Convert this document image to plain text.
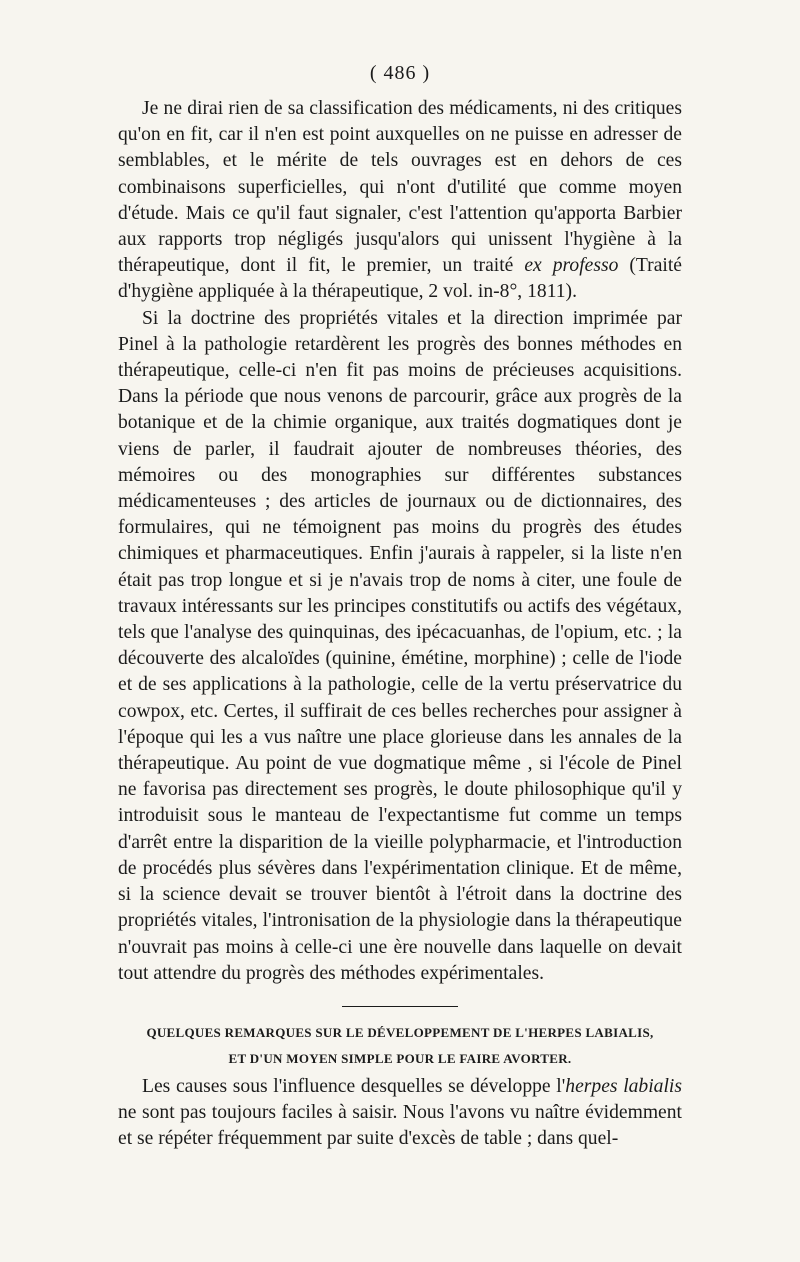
( 486 )

Je ne dirai rien de sa classification des médicaments, ni des critiques qu'on en fit, car il n'en est point auxquelles on ne puisse en adresser de semblables, et le mérite de tels ouvrages est en dehors de ces combinaisons superficielles, qui n'ont d'utilité que comme moyen d'étude. Mais ce qu'il faut signaler, c'est l'attention qu'apporta Barbier aux rapports trop négligés jusqu'alors qui unissent l'hygiène à la thérapeutique, dont il fit, le premier, un traité ex professo (Traité d'hygiène appliquée à la thérapeutique, 2 vol. in-8°, 1811).

Si la doctrine des propriétés vitales et la direction imprimée par Pinel à la pathologie retardèrent les progrès des bonnes méthodes en thérapeutique, celle-ci n'en fit pas moins de précieuses acquisitions. Dans la période que nous venons de parcourir, grâce aux progrès de la botanique et de la chimie organique, aux traités dogmatiques dont je viens de parler, il faudrait ajouter de nombreuses théories, des mémoires ou des monographies sur différentes substances médicamenteuses ; des articles de journaux ou de dictionnaires, des formulaires, qui ne témoignent pas moins du progrès des études chimiques et pharmaceutiques. Enfin j'aurais à rappeler, si la liste n'en était pas trop longue et si je n'avais trop de noms à citer, une foule de travaux intéressants sur les principes constitutifs ou actifs des végétaux, tels que l'analyse des quinquinas, des ipécacuanhas, de l'opium, etc. ; la découverte des alcaloïdes (quinine, émétine, morphine) ; celle de l'iode et de ses applications à la pathologie, celle de la vertu préservatrice du cowpox, etc. Certes, il suffirait de ces belles recherches pour assigner à l'époque qui les a vus naître une place glorieuse dans les annales de la thérapeutique. Au point de vue dogmatique même , si l'école de Pinel ne favorisa pas directement ses progrès, le doute philosophique qu'il y introduisit sous le manteau de l'expectantisme fut comme un temps d'arrêt entre la disparition de la vieille polypharmacie, et l'introduction de procédés plus sévères dans l'expérimentation clinique. Et de même, si la science devait se trouver bientôt à l'étroit dans la doctrine des propriétés vitales, l'intronisation de la physiologie dans la thérapeutique n'ouvrait pas moins à celle-ci une ère nouvelle dans laquelle on devait tout attendre du progrès des méthodes expérimentales.

QUELQUES REMARQUES SUR LE DÉVELOPPEMENT DE L'HERPES LABIALIS,
ET D'UN MOYEN SIMPLE POUR LE FAIRE AVORTER.

Les causes sous l'influence desquelles se développe l'herpes labialis ne sont pas toujours faciles à saisir. Nous l'avons vu naître évidemment et se répéter fréquemment par suite d'excès de table ; dans quel-
